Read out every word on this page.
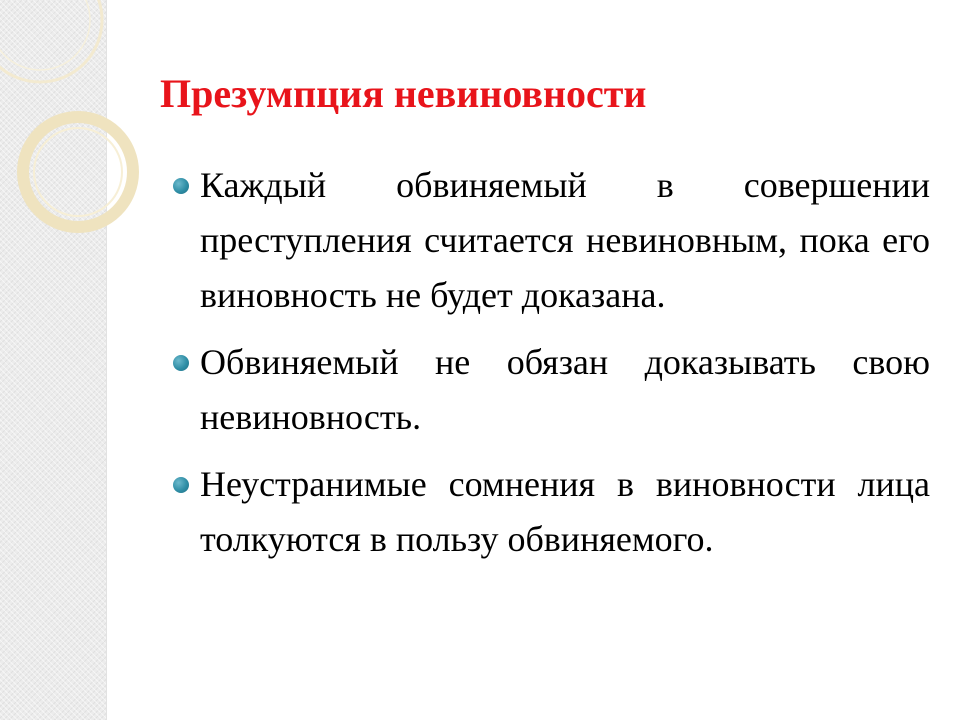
Презумпция невиновности
Каждый обвиняемый в совершении преступления считается невиновным, пока его виновность не будет доказана.
Обвиняемый не обязан доказывать свою невиновность.
Неустранимые сомнения в виновности лица толкуются в пользу обвиняемого.
